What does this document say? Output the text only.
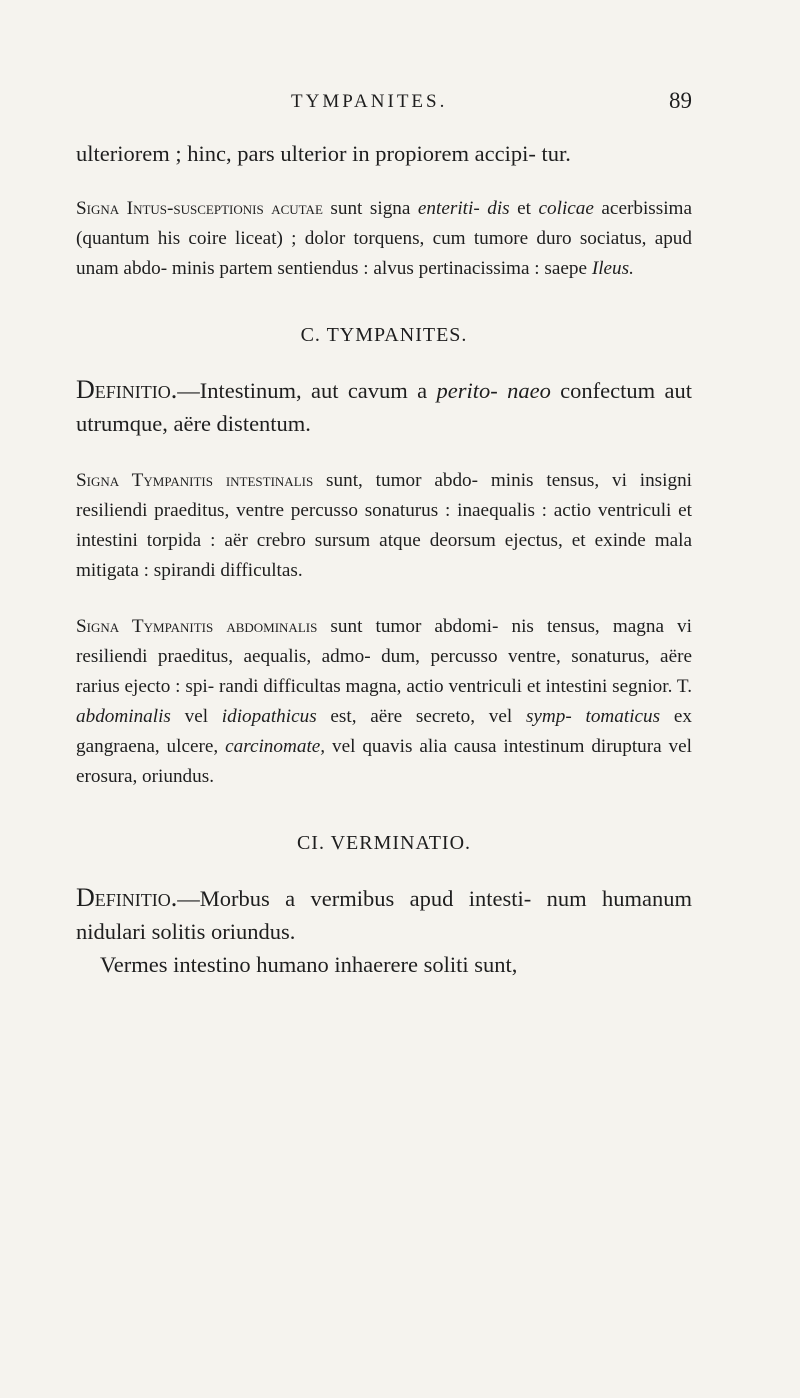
TYMPANITES.	89

ulteriorem ; hinc, pars ulterior in propiorem accipi- tur.

Signa Intus-susceptionis acutae sunt signa enteriti- dis et colicae acerbissima (quantum his coire liceat) ; dolor torquens, cum tumore duro sociatus, apud unam abdo- minis partem sentiendus : alvus pertinacissima : saepe Ileus.

C. TYMPANITES.

Definitio.—Intestinum, aut cavum a perito- naeo confectum aut utrumque, aëre distentum.

Signa Tympanitis intestinalis sunt, tumor abdo- minis tensus, vi insigni resiliendi praeditus, ventre percusso sonaturus : inaequalis : actio ventriculi et intestini torpida : aër crebro sursum atque deorsum ejectus, et exinde mala mitigata : spirandi difficultas.

Signa Tympanitis abdominalis sunt tumor abdomi- nis tensus, magna vi resiliendi praeditus, aequalis, admo- dum, percusso ventre, sonaturus, aëre rarius ejecto : spi- randi difficultas magna, actio ventriculi et intestini segnior. T. abdominalis vel idiopathicus est, aëre secreto, vel symp- tomaticus ex gangraena, ulcere, carcinomate, vel quavis alia causa intestinum diruptura vel erosura, oriundus.

CI. VERMINATIO.

Definitio.—Morbus a vermibus apud intesti- num humanum nidulari solitis oriundus.

Vermes intestino humano inhaerere soliti sunt,
